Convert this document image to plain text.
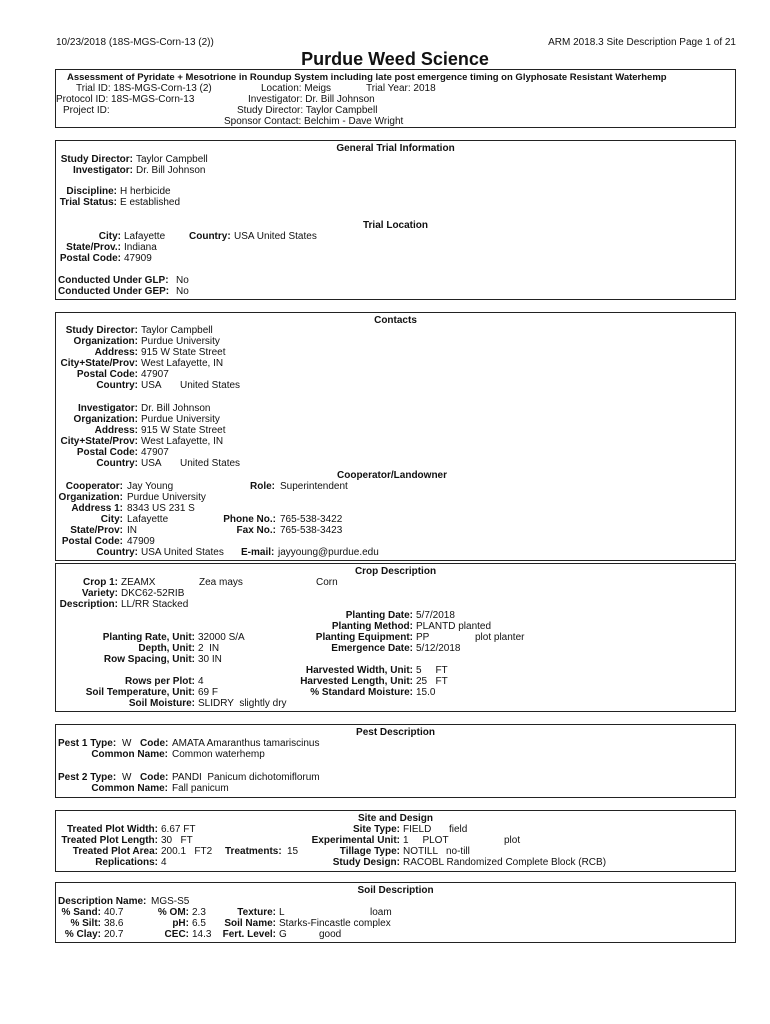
10/23/2018 (18S-MGS-Corn-13 (2))	ARM 2018.3 Site Description Page 1 of 21
Purdue Weed Science
Assessment of Pyridate + Mesotrione in Roundup System including late post emergence timing on Glyphosate Resistant Waterhemp
Trial ID: 18S-MGS-Corn-13 (2)
Protocol ID: 18S-MGS-Corn-13
Project ID:
Location: Meigs	Trial Year: 2018
Investigator: Dr. Bill Johnson
Study Director: Taylor Campbell
Sponsor Contact: Belchim - Dave Wright
General Trial Information
Study Director: Taylor Campbell
Investigator: Dr. Bill Johnson
Discipline: H herbicide
Trial Status: E established
Trial Location
City: Lafayette Country: USA United States
State/Prov.: Indiana
Postal Code: 47909
Conducted Under GLP: No
Conducted Under GEP: No
Contacts
Study Director: Taylor Campbell
Organization: Purdue University
Address: 915 W State Street
City+State/Prov: West Lafayette, IN
Postal Code: 47907
Country: USA United States
Investigator: Dr. Bill Johnson
Organization: Purdue University
Address: 915 W State Street
City+State/Prov: West Lafayette, IN
Postal Code: 47907
Country: USA United States
Cooperator/Landowner
Cooperator: Jay Young	Role: Superintendent
Organization: Purdue University
Address 1: 8343 US 231 S
City: Lafayette	Phone No.: 765-538-3422
State/Prov: IN	Fax No.: 765-538-3423
Postal Code: 47909
Country: USA United States E-mail: jayyoung@purdue.edu
Crop Description
Crop 1: ZEAMX	Zea mays	Corn
Variety: DKC62-52RIB
Description: LL/RR Stacked
Planting Date: 5/7/2018
Planting Method: PLANTD planted
Planting Rate, Unit: 32000 S/A	Planting Equipment: PP	plot planter
Depth, Unit: 2  IN	Emergence Date: 5/12/2018
Row Spacing, Unit: 30 IN
Harvested Width, Unit: 5     FT
Rows per Plot: 4	Harvested Length, Unit: 25   FT
Soil Temperature, Unit: 69 F	% Standard Moisture: 15.0
Soil Moisture: SLIDRY  slightly dry
Pest Description
Pest 1 Type: W Code: AMATA Amaranthus tamariscinus
Common Name: Common waterhemp
Pest 2 Type: W Code: PANDI  Panicum dichotomiflorum
Common Name: Fall panicum
Site and Design
Treated Plot Width: 6.67 FT	Site Type: FIELD field
Treated Plot Length: 30   FT	Experimental Unit: 1     PLOT	plot
Treated Plot Area: 200.1   FT2 Treatments: 15	Tillage Type: NOTILL   no-till
Replications: 4	Study Design: RACOBL Randomized Complete Block (RCB)
Soil Description
Description Name: MGS-S5
% Sand: 40.7	% OM: 2.3	Texture: L	loam
% Silt: 38.6	pH: 6.5	Soil Name: Starks-Fincastle complex
% Clay: 20.7	CEC: 14.3	Fert. Level: G	good
